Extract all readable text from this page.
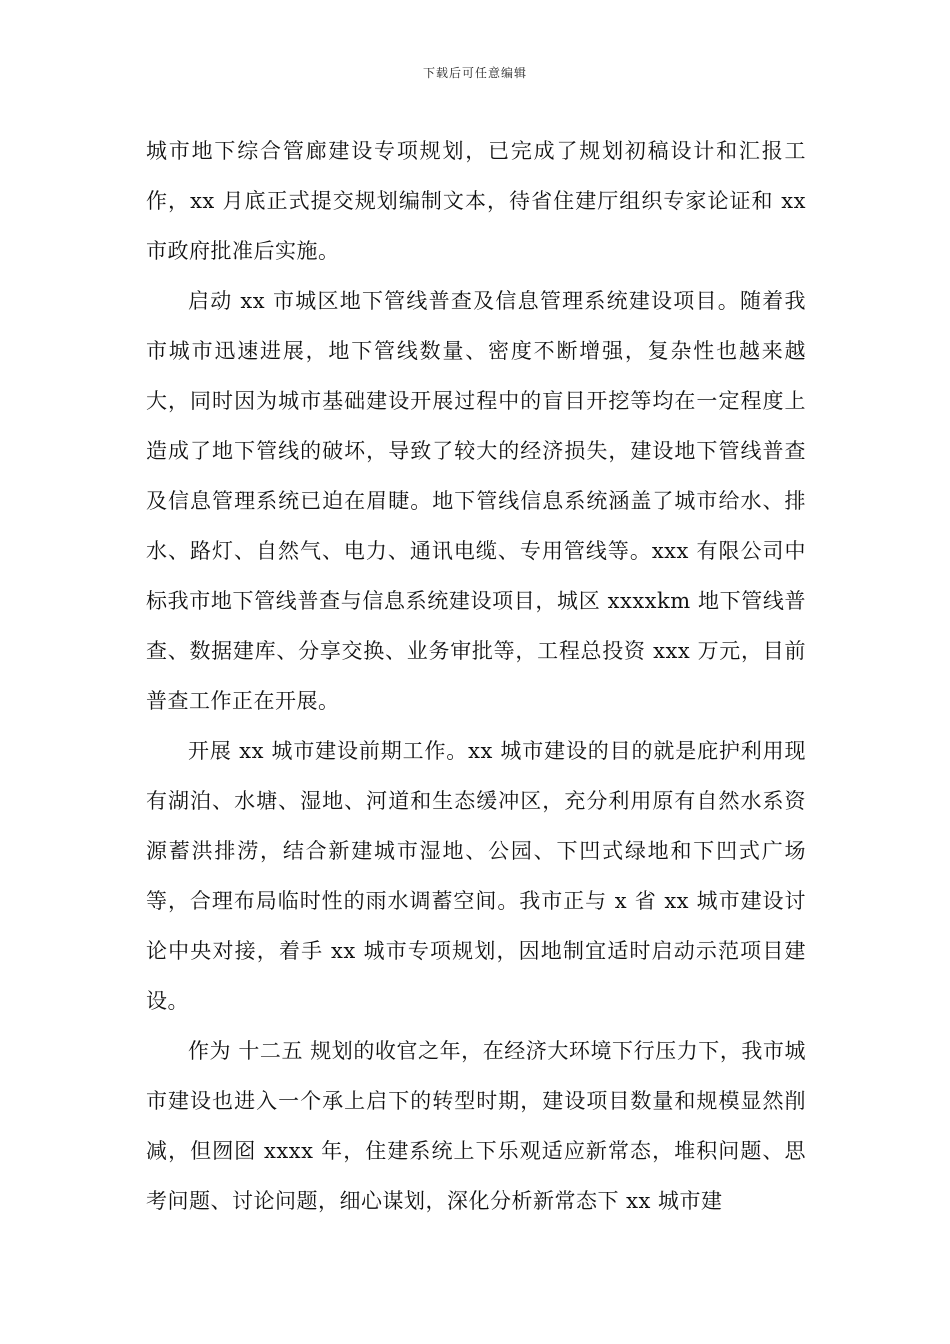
下载后可任意编辑

城市地下综合管廊建设专项规划，已完成了规划初稿设计和汇报工作，xx 月底正式提交规划编制文本，待省住建厅组织专家论证和 xx 市政府批准后实施。

启动 xx 市城区地下管线普查及信息管理系统建设项目。随着我市城市迅速进展，地下管线数量、密度不断增强，复杂性也越来越大，同时因为城市基础建设开展过程中的盲目开挖等均在一定程度上造成了地下管线的破坏，导致了较大的经济损失，建设地下管线普查及信息管理系统已迫在眉睫。地下管线信息系统涵盖了城市给水、排水、路灯、自然气、电力、通讯电缆、专用管线等。xxx 有限公司中标我市地下管线普查与信息系统建设项目，城区 xxxxkm 地下管线普查、数据建库、分享交换、业务审批等，工程总投资 xxx 万元，目前普查工作正在开展。

开展 xx 城市建设前期工作。xx 城市建设的目的就是庇护利用现有湖泊、水塘、湿地、河道和生态缓冲区，充分利用原有自然水系资源蓄洪排涝，结合新建城市湿地、公园、下凹式绿地和下凹式广场等，合理布局临时性的雨水调蓄空间。我市正与 x 省 xx 城市建设讨论中央对接，着手 xx 城市专项规划，因地制宜适时启动示范项目建设。

作为 十二五 规划的收官之年，在经济大环境下行压力下，我市城市建设也进入一个承上启下的转型时期，建设项目数量和规模显然削减，但囫囵 xxxx 年，住建系统上下乐观适应新常态，堆积问题、思考问题、讨论问题，细心谋划，深化分析新常态下 xx 城市建
